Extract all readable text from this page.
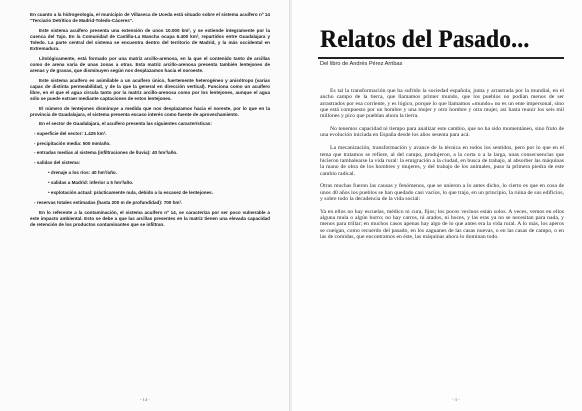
En cuanto a la hidrogeología, el municipio de Villaseca de Uceda está situado sobre el sistema acuífero nº 14 "Terciario Detrítico de Madrid-Toledo-Cáceres".

Este sistema acuífero presenta una extensión de unos 10.000 km², y se extiende íntegramente por la cuenca del Tajo. En la Comunidad de Castilla-La Mancha ocupa 6.400 km², repartidos entre Guadalajara y Toledo. La parte central del sistema se encuentra dentro del territorio de Madrid, y la más occidental en Extremadura.

Litológicamente, está formado por una matriz arcillo-arenosa, en la que el contenido tanto de arcillas como de arena varía de unas zonas a otras. Esta matriz arcillo-arenosa presenta también lentejones de arenas y de gravas, que disminuyen según nos desplazamos hacia el noroeste.

Este sistema acuífero es asimilable a un acuífero único, fuertemente heterogéneo y anisótropo (varias capas de distinta permeabilidad, y de la que la general en dirección vertical). Funciona como un acuífero libre, en el que el agua circula tanto por la matriz arcillo-arenosa como por los lentejones, aunque el agua sólo se puede extraer mediante captaciones de estos lentejones.

El número de lentejones disminuye a medida que nos desplazamos hacia el noreste, por lo que en la provincia de Guadalajara, el sistema presenta escaso interés como fuente de aprovechamiento.

En el sector de Guadalajara, el acuífero presenta las siguientes características:

- superficie del sector: 1.425 km².
- precipitación media: 500 mm/año.
- entradas medias al sistema (infiltraciones de lluvia): 40 hm³/año.
- salidas del sistema:
• drenaje a los ríos: 40 hm³/año.
• salidas a Madrid: inferior a 5 hm³/año.
• explotación actual: prácticamente nula, debido a la escasez de lentejones.
- reservas totales estimadas (hasta 200 m de profundidad): 700 hm³.

En lo referente a la contaminación, el sistema acuífero nº 14, se caracteriza por ser poco vulnerable a este impacto ambiental. Esto se debe a que las arcillas presentes en la matriz tienen una elevada capacidad de retención de los productos contaminantes que se infiltran.

- 14 -
Relatos del Pasado...
Del libro de Andrés Pérez Arribas

Es tal la transformación que ha sufrido la sociedad española, junta y arrastrada por la mundial, en el ancho campo de la tierra, que llamamos primer mundo, que los pueblos no podían menos de ser arrastrados por esa corriente, y es lógico, porque lo que llamamos «mundo» no es un ente impersonal, sino que está compuesto por un hombre y una mujer y otro hombre y otra mujer, así hasta reunir los seis mil millones y pico que pueblan ahora la tierra.

No tenemos capacidad ni tiempo para analizar este cambio, que no ha sido momentáneo, sino fruto de una evolución iniciada en España desde los años sesenta para acá.

La mecanización, transformación y avance de la técnica en todos los sentidos, pero por lo que en el tema que tratamos se refiere, al del campo, produjeron, a la corta o a la larga, unas consecuencias que hicieron tambalearse la vida rural: la emigración a la ciudad, en busca de trabajo, al absorber las máquinas la mano de obra de los hombres y mujeres, y del trabajo de los animales, puso la primera piedra de este cambio radical.

Otras muchas fueron las causas y fenómenos, que se unieron a lo antes dicho, lo cierto es que en cosa de unos 40 años los pueblos se han quedado casi vacíos, lo que trajo, en un principio, la ruina de sus edificios, y sobre todo la decadencia de la vida social:

Ya en ellos no hay escuelas, médico ni cura, fijos; los pocos vecinos están solos. A veces, vemos en ellos alguna mula o algún burro; no hay carros, ni arados, ni hoces, y las eras ya no se necesitan para nada, y menos para trillar; en muchos casos apenas hay algo de lo que antes era la vida rural. A lo más, los aperos se cuelgan, como recuerdo del pasado, en los zaguanes de las casas nuevas, o en las casas de campo, o en las de comidas, que encontramos en éste, las máquinas ahora lo dominan todo.

- 3 -
